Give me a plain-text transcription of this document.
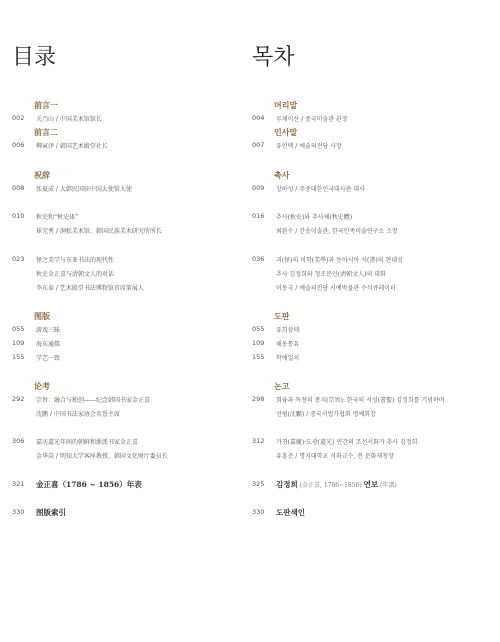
目录	목차
前言一
002 关乃山 / 中国美术馆馆长
前言二
006 柳寅泽 / 韩国艺术殿堂社长
祝辞
008 张夏成 / 大韩民国驻中国大使馆大使
010 秋史和“秋史体”
崔完秀 / 涧松美术馆、韩国民族美术研究所所长
023 怪之美学与东亚书法的现代性
秋史金正喜与清朝文人的对话
李东泰 / 艺术殿堂书法博物馆首席策展人
图版
055 游戏三昧
109 海东通儒
155 学艺一致
论考
292 宗旨：融合与独创——纪念韩国书家金正喜
沈鹏 / 中国书法家协会名誉主席
306 嘉庆道光年间的朝鲜和浙派书家金正喜
金华岗 / 明知大学客座教授、韩国文化财厅委员长
321 金正喜（1786 ~ 1856）年表
330 图版索引
머리말
004 루채이산 / 중국미술관 관장
인사말
007 유인택 / 예술의전당 사장
축사
009 장하성 / 주중대한민국대사관 대사
016 추사(秋史)와 추사체(秋史體)
최완수 / 간송미술관, 한국민족미술연구소 소장
036 괴(怪)의 미학(美學)과 동아시아 서(書)의 현대성
추사 김정희와 청조문인(淸朝文人)의 대화
이동국 / 예술의전당 서예박물관 수석큐레이터
도판
055 유희삼매
109 해동통유
155 학예일치
논고
298 회융과 독창의 종지(宗旨): 한국의 서성(書聖) 김정희를 기념하며
선펑(沈鵬) / 중국서법가협회 명예회장
312 가경(嘉慶)·도광(道光) 연간의 조선서화가 추사 김정희
유홍준 / 명지대학교 석좌교수, 전 문화재청장
325 김정희 (金正喜, 1786~1856) 연보 (年譜)
330 도판색인
